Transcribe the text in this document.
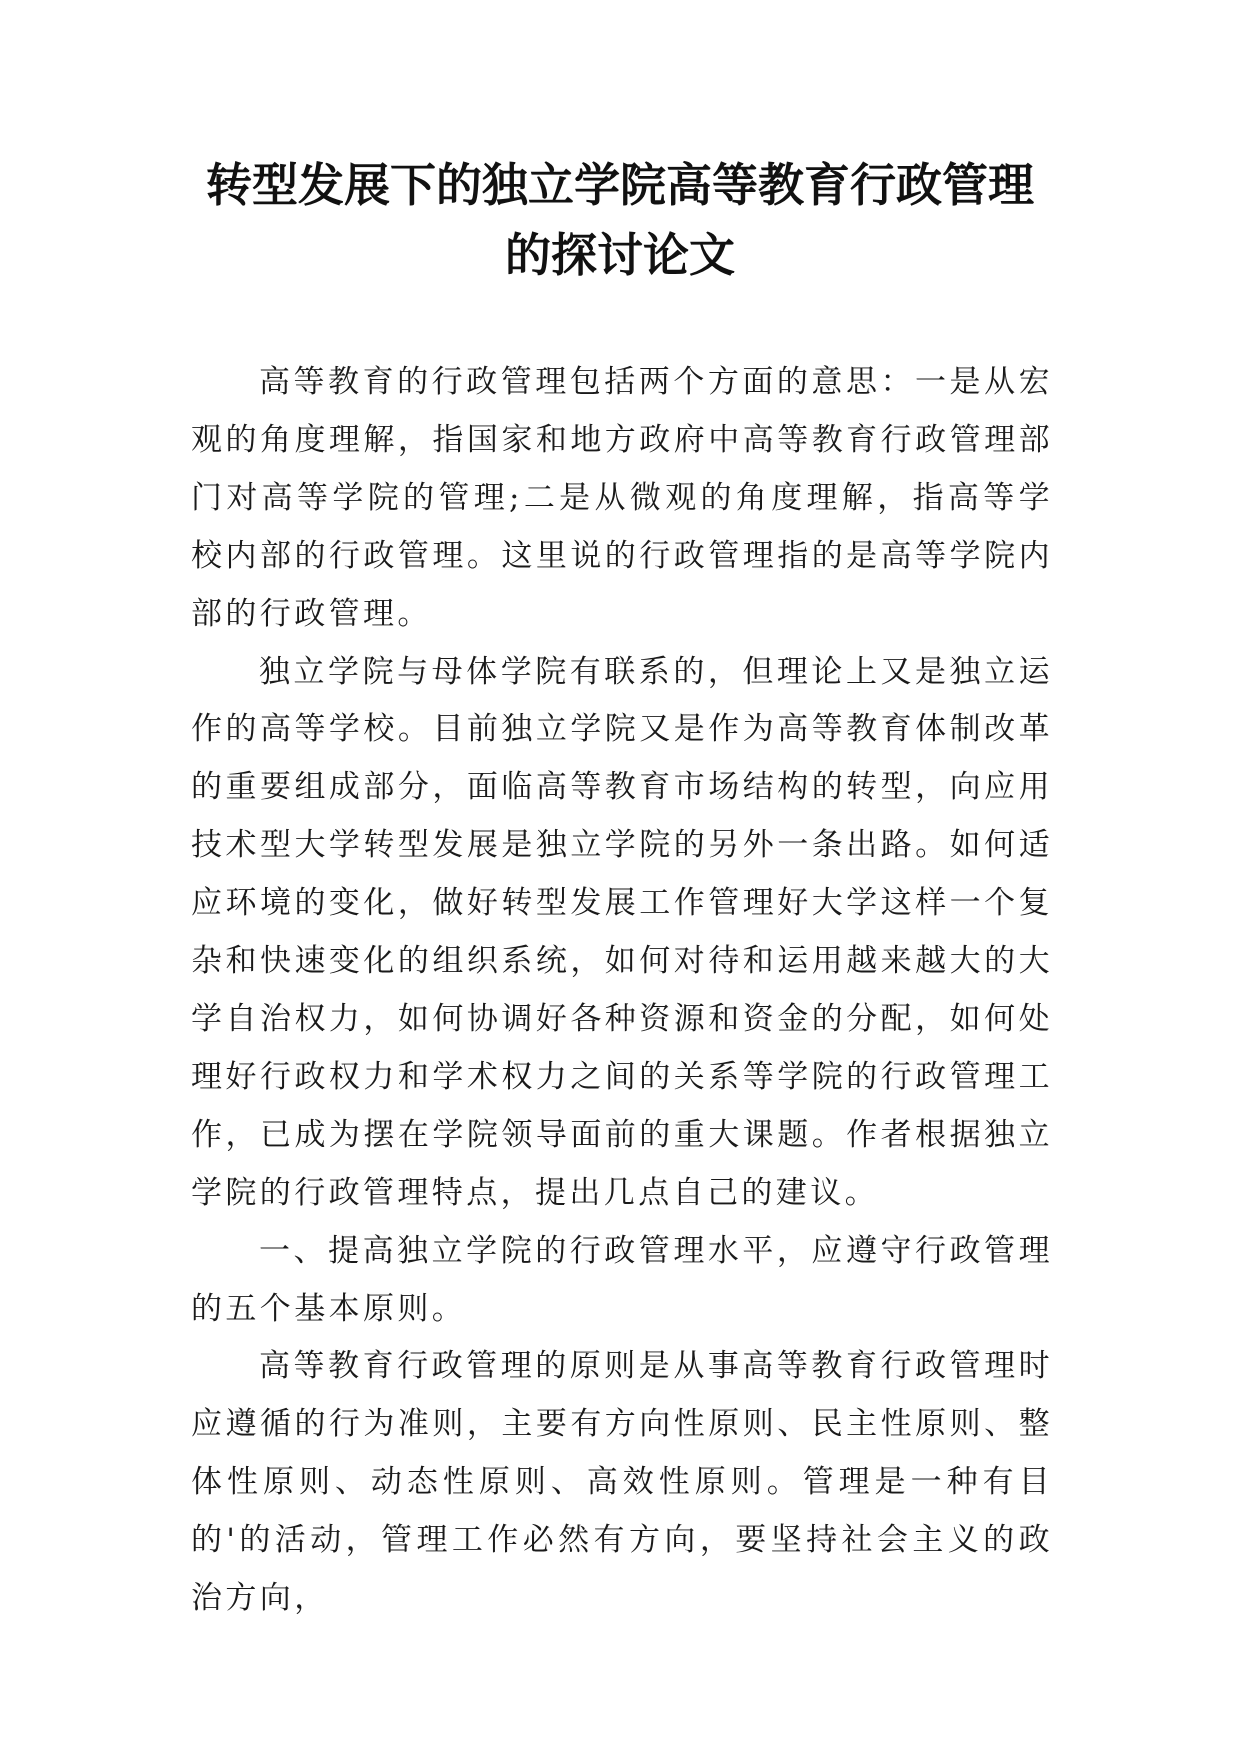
转型发展下的独立学院高等教育行政管理
的探讨论文

高等教育的行政管理包括两个方面的意思：一是从宏观的角度理解，指国家和地方政府中高等教育行政管理部门对高等学院的管理;二是从微观的角度理解，指高等学校内部的行政管理。这里说的行政管理指的是高等学院内部的行政管理。

独立学院与母体学院有联系的，但理论上又是独立运作的高等学校。目前独立学院又是作为高等教育体制改革的重要组成部分，面临高等教育市场结构的转型，向应用技术型大学转型发展是独立学院的另外一条出路。如何适应环境的变化，做好转型发展工作管理好大学这样一个复杂和快速变化的组织系统，如何对待和运用越来越大的大学自治权力，如何协调好各种资源和资金的分配，如何处理好行政权力和学术权力之间的关系等学院的行政管理工作，已成为摆在学院领导面前的重大课题。作者根据独立学院的行政管理特点，提出几点自己的建议。

一、提高独立学院的行政管理水平，应遵守行政管理的五个基本原则。

高等教育行政管理的原则是从事高等教育行政管理时应遵循的行为准则，主要有方向性原则、民主性原则、整体性原则、动态性原则、高效性原则。管理是一种有目的'的活动，管理工作必然有方向，要坚持社会主义的政治方向，
